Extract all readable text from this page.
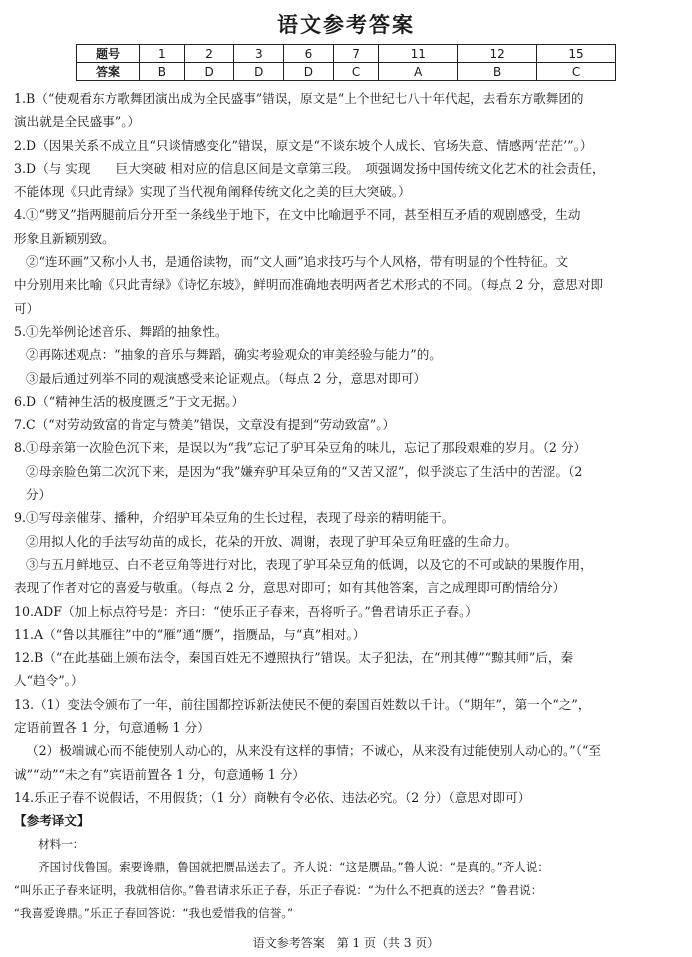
语文参考答案
题号	1	2	3	6	7	11	12	15
答案	B	D	D	D	C	A	B	C

1.B（“使观看东方歌舞团演出成为全民盛事”错误，原文是“上个世纪七八十年代起，去看东方歌舞团的

演出就是全民盛事”。）

2.D（因果关系不成立且“只谈情感变化”错误，原文是“不谈东坡个人成长、官场失意、情感两‘茫茫’”。）

3.D（与 实现　　巨大突破 相对应的信息区间是文章第三段。　项强调发扬中国传统文化艺术的社会责任，

不能体现《只此青绿》实现了当代视角阐释传统文化之美的巨大突破。）

4.①“劈叉”指两腿前后分开至一条线坐于地下，在文中比喻迥乎不同，甚至相互矛盾的观剧感受，生动

形象且新颖别致。

②“连环画”又称小人书，是通俗读物，而“文人画”追求技巧与个人风格，带有明显的个性特征。文

中分别用来比喻《只此青绿》《诗忆东坡》，鲜明而准确地表明两者艺术形式的不同。（每点 2 分，意思对即

可）

5.①先举例论述音乐、舞蹈的抽象性。

②再陈述观点：“抽象的音乐与舞蹈，确实考验观众的审美经验与能力”的。

③最后通过列举不同的观演感受来论证观点。（每点 2 分，意思对即可）

6.D（“精神生活的极度匮乏”于文无据。）

7.C（“对劳动致富的肯定与赞美”错误，文章没有提到“劳动致富”。）

8.①母亲第一次脸色沉下来，是误以为“我”忘记了驴耳朵豆角的味儿，忘记了那段艰难的岁月。（2 分）

②母亲脸色第二次沉下来，是因为“我”嫌弃驴耳朵豆角的“又苦又涩”，似乎淡忘了生活中的苦涩。（2

分）

9.①写母亲催芽、播种，介绍驴耳朵豆角的生长过程，表现了母亲的精明能干。

②用拟人化的手法写幼苗的成长，花朵的开放、凋谢，表现了驴耳朵豆角旺盛的生命力。

③与五月鲜地豆、白不老豆角等进行对比，表现了驴耳朵豆角的低调，以及它的不可或缺的果腹作用，

表现了作者对它的喜爱与敬重。（每点 2 分，意思对即可；如有其他答案，言之成理即可酌情给分）

10.ADF（加上标点符号是：齐曰：“使乐正子春来，吾将听子。”鲁君请乐正子春。）

11.A（“鲁以其雁往”中的“雁”通“赝”，指赝品，与“真”相对。）

12.B（“在此基础上颁布法令，秦国百姓无不遵照执行”错误。太子犯法，在“刑其傅”“黥其师”后，秦

人“趋令”。）

13.（1）变法令颁布了一年，前往国都控诉新法使民不便的秦国百姓数以千计。（“期年”，第一个“之”，

定语前置各 1 分，句意通畅 1 分）

（2）极端诚心而不能使别人动心的，从来没有这样的事情；不诚心，从来没有过能使别人动心的。”（“至

诚”“动”“未之有”宾语前置各 1 分，句意通畅 1 分）

14.乐正子春不说假话，不用假货；（1 分）商鞅有令必依、违法必究。（2 分）（意思对即可）

【参考译文】

材料一：

齐国讨伐鲁国。索要谗鼎，鲁国就把赝品送去了。齐人说：“这是赝品。”鲁人说：“是真的。”齐人说：

“叫乐正子春来证明，我就相信你。”鲁君请求乐正子春，乐正子春说：“为什么不把真的送去？”鲁君说：

“我喜爱谗鼎。”乐正子春回答说：“我也爱惜我的信誉。”

语文参考答案　第 1 页（共 3 页）
